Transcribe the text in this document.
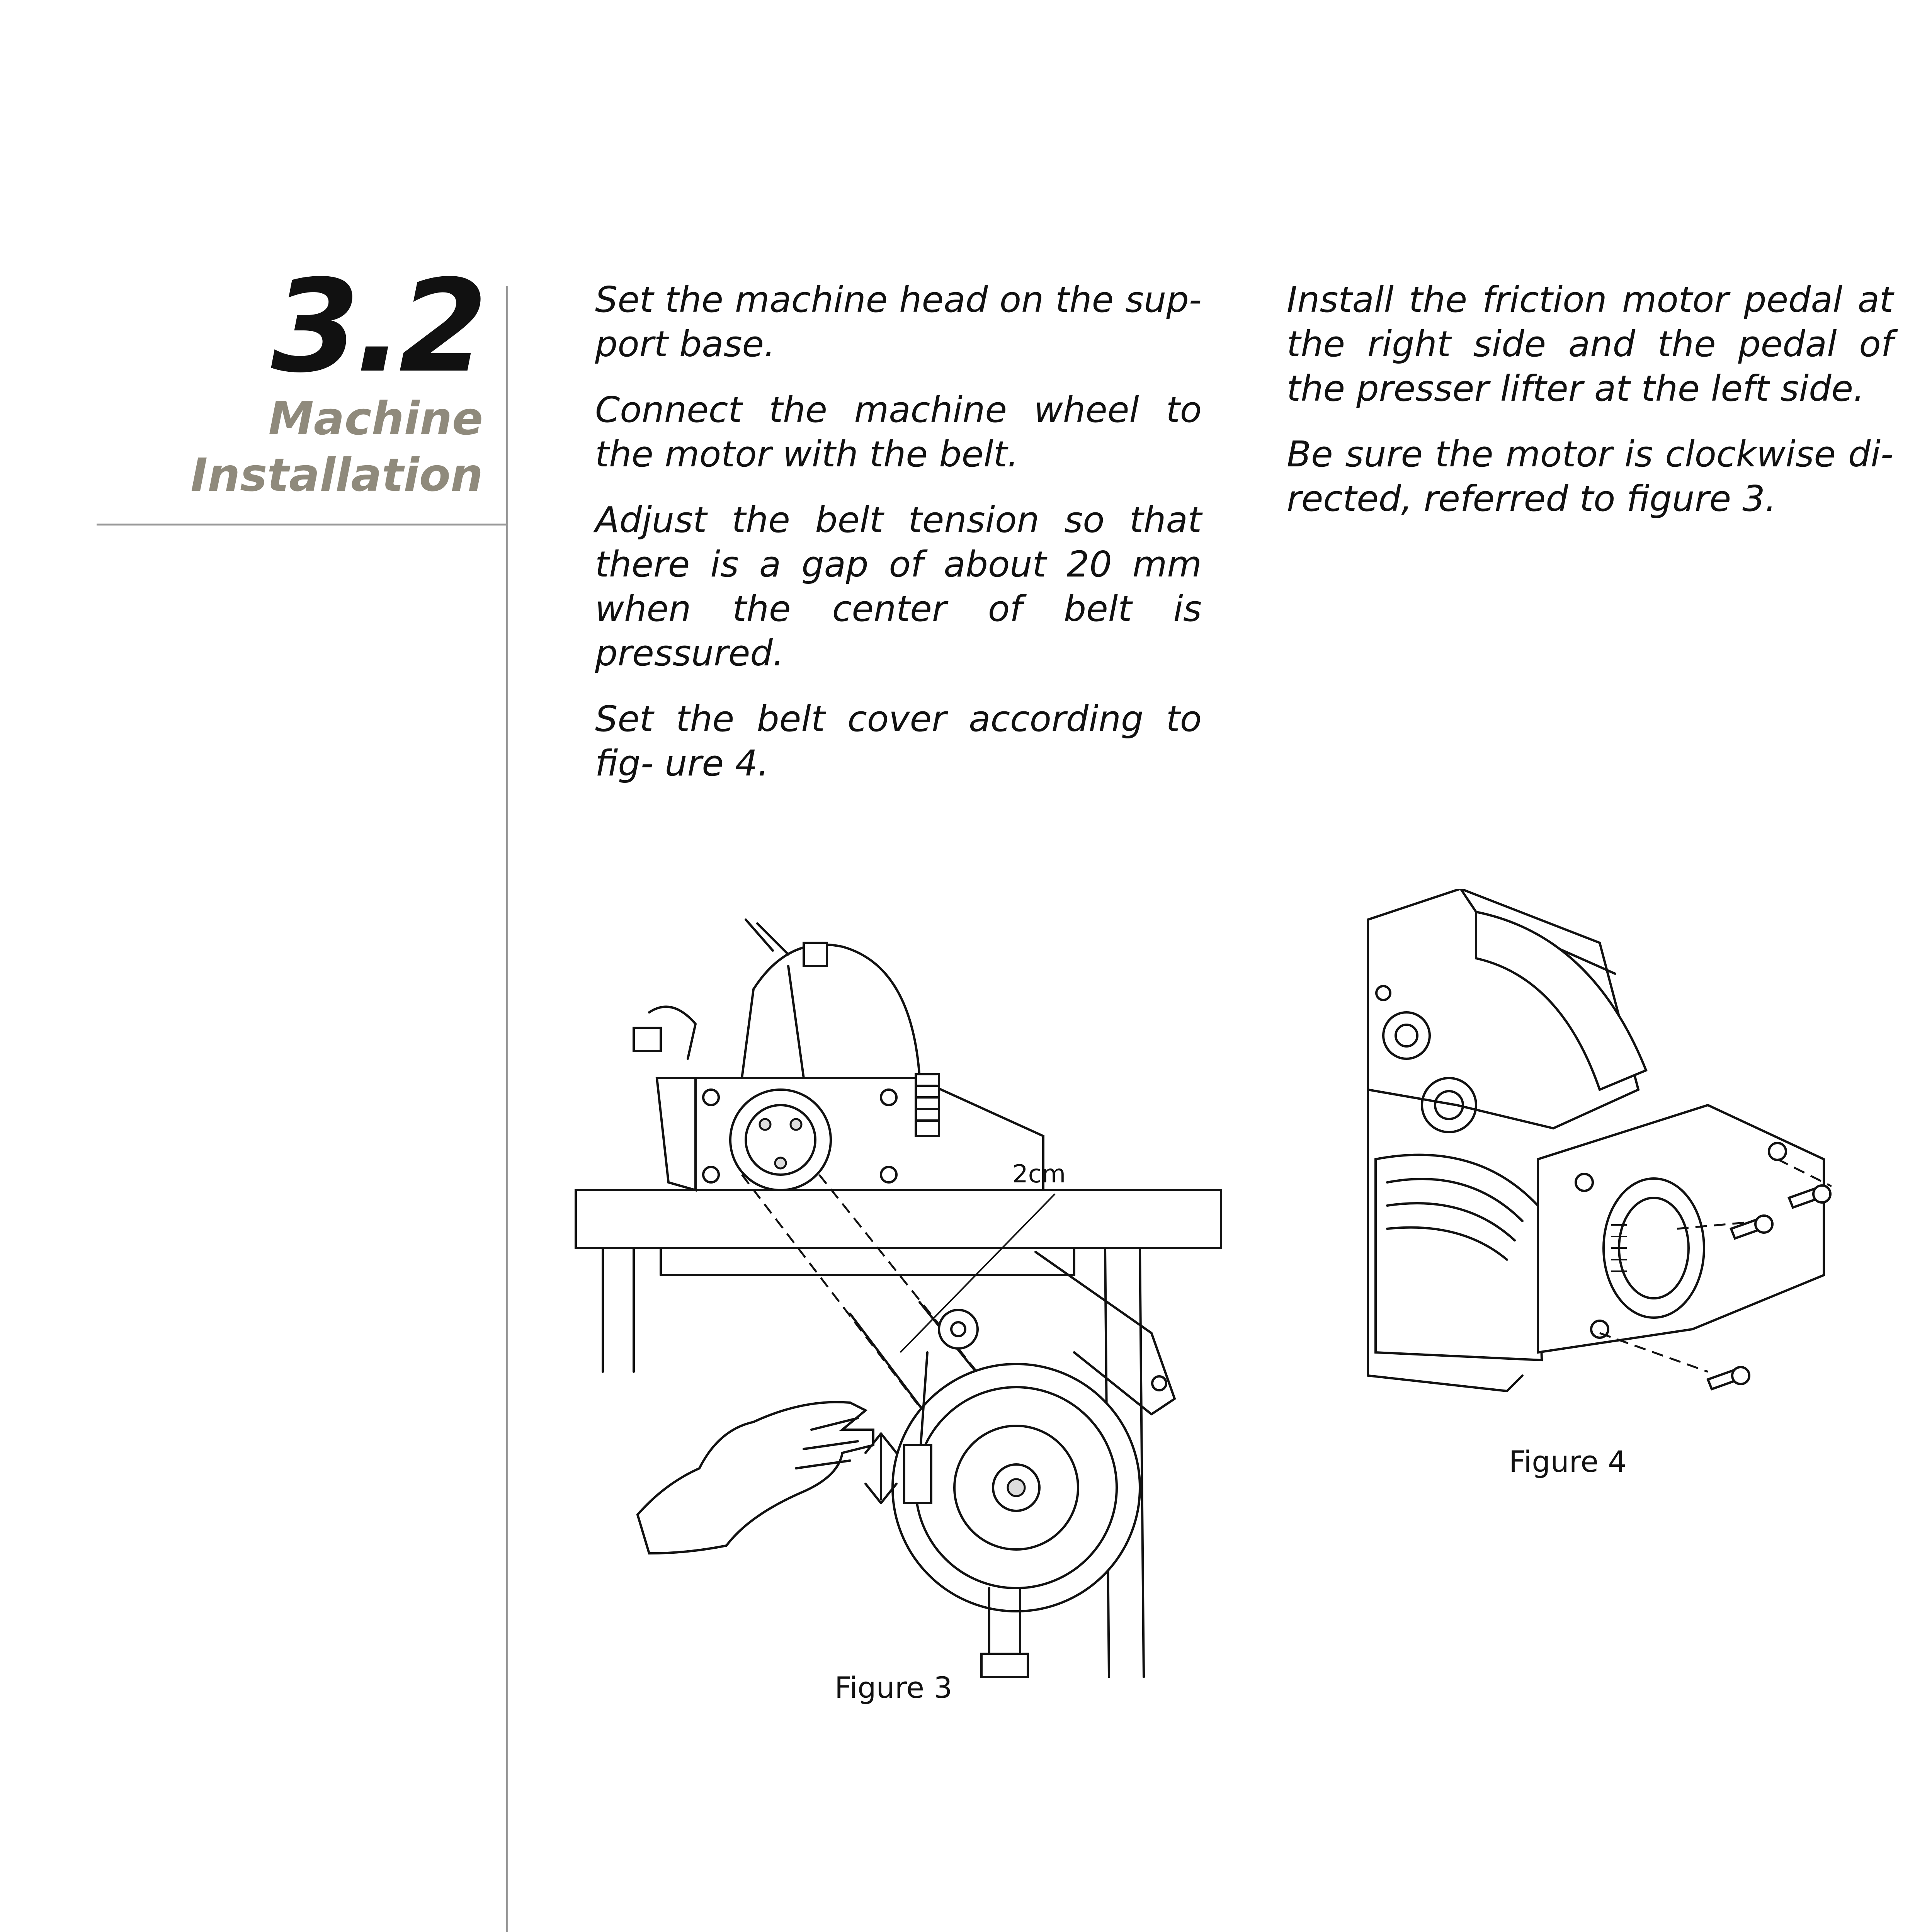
3.2
Machine
Installation

Set the machine head on the sup- port base.

Connect the machine wheel to the motor with the belt.

Adjust the belt tension so that there is a gap of about 20 mm when the center of belt is pressured.

Set the belt cover according to fig- ure 4.

Install the friction motor pedal at the right side and the pedal of the presser lifter at the left side.

Be sure the motor is clockwise di- rected, referred to figure 3.

2cm
Figure 3
Figure 4
